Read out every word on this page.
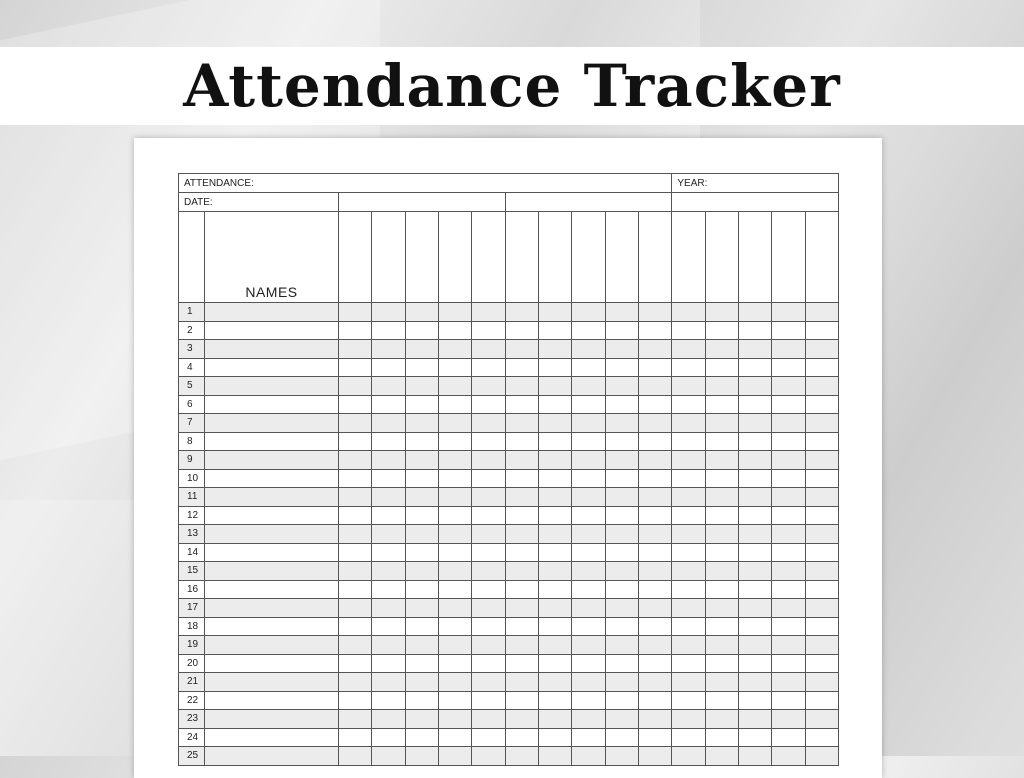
Attendance Tracker
ATTENDANCE:												YEAR:				
DATE:																
	NAMES															
1																
2																
3																
4																
5																
6																
7																
8																
9																
10																
11																
12																
13																
14																
15																
16																
17																
18																
19																
20																
21																
22																
23																
24																
25																
